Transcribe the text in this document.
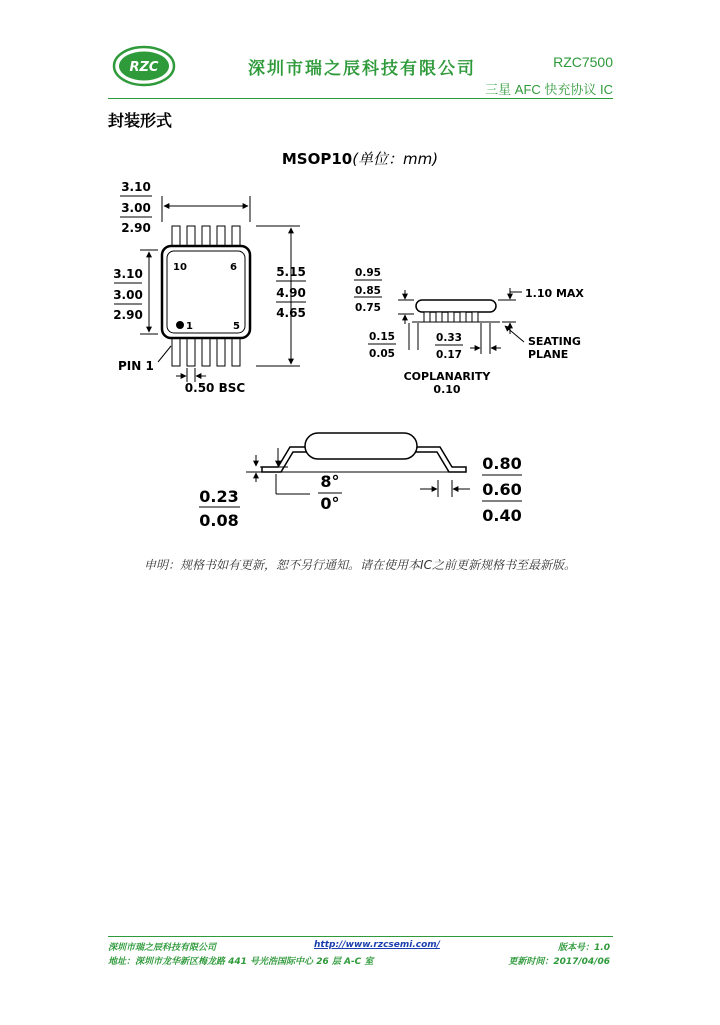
RZC	深圳市瑞之辰科技有限公司	RZC7500
三星 AFC 快充协议 IC
封装形式
MSOP10(单位：mm)
3.10
3.00
2.90
10	6
1	5
3.10
3.00
2.90
5.15
4.90
4.65
PIN 1
0.50 BSC
0.95
0.85
0.75
1.10 MAX
0.15
0.05
0.33
0.17
SEATING
PLANE
COPLANARITY
0.10
0.23
0.08
8°
0°
0.80
0.60
0.40
申明：规格书如有更新，恕不另行通知。请在使用本IC之前更新规格书至最新版。
深圳市瑞之辰科技有限公司	http://www.rzcsemi.com/	版本号：1.0
地址：深圳市龙华新区梅龙路 441 号光浩国际中心 26 层 A-C 室	更新时间：2017/04/06
